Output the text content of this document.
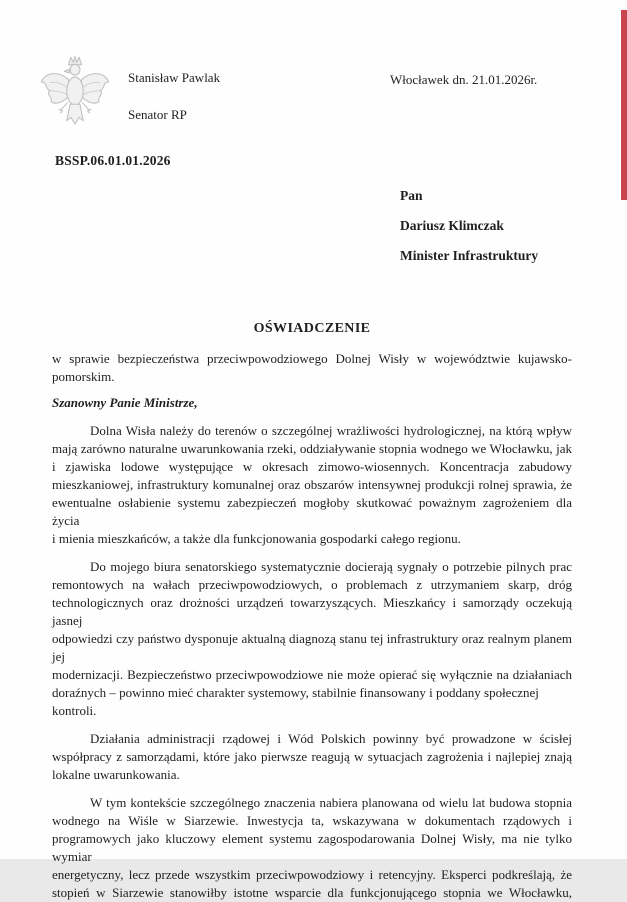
Stanisław Pawlak
Senator RP
Włocławek dn. 21.01.2026r.
BSSP.06.01.01.2026
Pan
Dariusz Klimczak
Minister Infrastruktury
OŚWIADCZENIE
w sprawie bezpieczeństwa przeciwpowodziowego Dolnej Wisły w województwie kujawsko-
pomorskim.
Szanowny Panie Ministrze,
Dolna Wisła należy do terenów o szczególnej wrażliwości hydrologicznej, na którą wpływ
mają zarówno naturalne uwarunkowania rzeki, oddziaływanie stopnia wodnego we Włocławku, jak
i zjawiska lodowe występujące w okresach zimowo-wiosennych. Koncentracja zabudowy
mieszkaniowej, infrastruktury komunalnej oraz obszarów intensywnej produkcji rolnej sprawia, że
ewentualne osłabienie systemu zabezpieczeń mogłoby skutkować poważnym zagrożeniem dla życia
i mienia mieszkańców, a także dla funkcjonowania gospodarki całego regionu.
Do mojego biura senatorskiego systematycznie docierają sygnały o potrzebie pilnych prac
remontowych na wałach przeciwpowodziowych, o problemach z utrzymaniem skarp, dróg
technologicznych oraz drożności urządzeń towarzyszących. Mieszkańcy i samorządy oczekują jasnej
odpowiedzi czy państwo dysponuje aktualną diagnozą stanu tej infrastruktury oraz realnym planem jej
modernizacji. Bezpieczeństwo przeciwpowodziowe nie może opierać się wyłącznie na działaniach
doraźnych – powinno mieć charakter systemowy, stabilnie finansowany i poddany społecznej kontroli.
Działania administracji rządowej i Wód Polskich powinny być prowadzone w ścisłej
współpracy z samorządami, które jako pierwsze reagują w sytuacjach zagrożenia i najlepiej znają
lokalne uwarunkowania.
W tym kontekście szczególnego znaczenia nabiera planowana od wielu lat budowa stopnia
wodnego na Wiśle w Siarzewie. Inwestycja ta, wskazywana w dokumentach rządowych i
programowych jako kluczowy element systemu zagospodarowania Dolnej Wisły, ma nie tylko wymiar
energetyczny, lecz przede wszystkim przeciwpowodziowy i retencyjny. Eksperci podkreślają, że
stopień w Siarzewie stanowiłby istotne wsparcie dla funkcjonującego stopnia we Włocławku,
